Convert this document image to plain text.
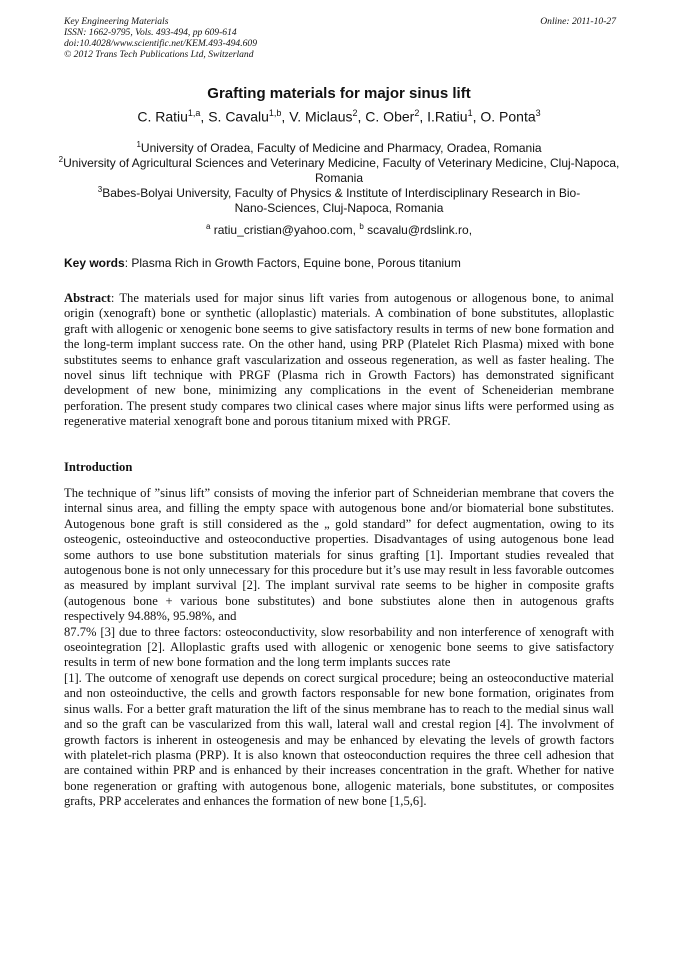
Key Engineering Materials
ISSN: 1662-9795, Vols. 493-494, pp 609-614
doi:10.4028/www.scientific.net/KEM.493-494.609
© 2012 Trans Tech Publications Ltd, Switzerland
Online: 2011-10-27
Grafting materials for major sinus lift
C. Ratiu$^{1,a}$, S. Cavalu$^{1,b}$, V. Miclaus$^2$, C. Ober$^2$, I.Ratiu$^1$, O. Ponta$^3$
$^1$University of Oradea, Faculty of Medicine and Pharmacy, Oradea, Romania
$^2$University of Agricultural Sciences and Veterinary Medicine, Faculty of Veterinary Medicine, Cluj-Napoca, Romania
$^3$Babes-Bolyai University, Faculty of Physics & Institute of Interdisciplinary Research in Bio-Nano-Sciences, Cluj-Napoca, Romania
$^a$ ratiu_cristian@yahoo.com, $^b$ scavalu@rdslink.ro,
Key words: Plasma Rich in Growth Factors, Equine bone, Porous titanium
Abstract: The materials used for major sinus lift varies from autogenous or allogenous bone, to animal origin (xenograft) bone or synthetic (alloplastic) materials. A combination of bone substitutes, alloplastic graft with allogenic or xenogenic bone seems to give satisfactory results in terms of new bone formation and the long-term implant success rate. On the other hand, using PRP (Platelet Rich Plasma) mixed with bone substitutes seems to enhance graft vascularization and osseous regeneration, as well as faster healing. The novel sinus lift technique with PRGF (Plasma rich in Growth Factors) has demonstrated significant development of new bone, minimizing any complications in the event of Scheneiderian membrane perforation. The present study compares two clinical cases where major sinus lifts were performed using as regenerative material xenograft bone and porous titanium mixed with PRGF.
Introduction

The technique of ”sinus lift” consists of moving the inferior part of Schneiderian membrane that covers the internal sinus area, and filling the empty space with autogenous bone and/or biomaterial bone substitutes. Autogenous bone graft is still considered as the „ gold standard” for defect augmentation, owing to its osteogenic, osteoinductive and osteoconductive properties. Disadvantages of using autogenous bone lead some authors to use bone substitution materials for sinus grafting [1]. Important studies revealed that autogenous bone is not only unnecessary for this procedure but it’s use may result in less favorable outcomes as measured by implant survival [2]. The implant survival rate seems to be higher in composite grafts (autogenous bone + various bone substitutes) and bone substiutes alone then in autogenous grafts respectively 94.88%, 95.98%, and

87.7% [3] due to three factors: osteoconductivity, slow resorbability and non interference of xenograft with oseointegration [2]. Alloplastic grafts used with allogenic or xenogenic bone seems to give satisfactory results in term of new bone formation and the long term implants succes rate

[1]. The outcome of xenograft use depends on corect surgical procedure; being an osteoconductive material and non osteoinductive, the cells and growth factors responsable for new bone formation, originates from sinus walls. For a better graft maturation the lift of the sinus membrane has to reach to the medial sinus wall and so the graft can be vascularized from this wall, lateral wall and crestal region [4]. The involvment of growth factors is inherent in osteogenesis and may be enhanced by elevating the levels of growth factors with platelet-rich plasma (PRP). It is also known that osteoconduction requires the three cell adhesion that are contained within PRP and is enhanced by their increases concentration in the graft. Whether for native bone regeneration or grafting with autogenous bone, allogenic materials, bone substitutes, or composites grafts, PRP accelerates and enhances the formation of new bone [1,5,6].
